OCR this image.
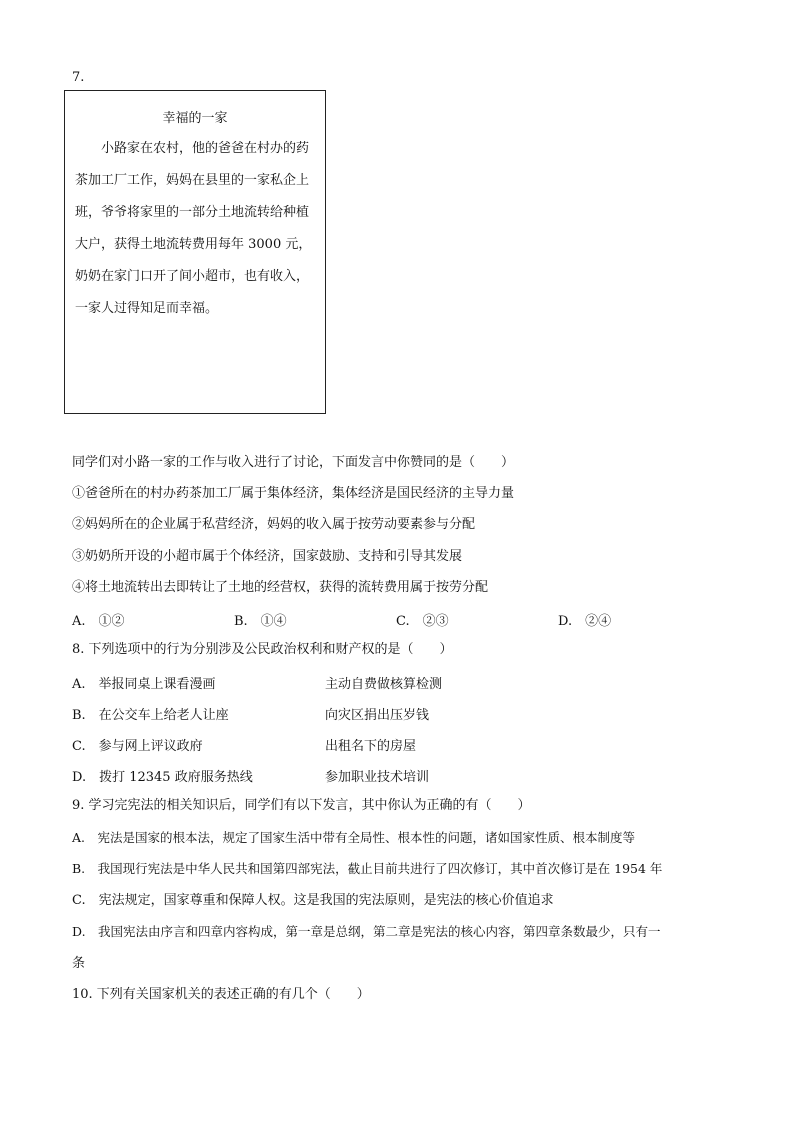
7.
幸福的一家
　　小路家在农村，他的爸爸在村办的药
茶加工厂工作，妈妈在县里的一家私企上
班，爷爷将家里的一部分土地流转给种植
大户，获得土地流转费用每年 3000 元，
奶奶在家门口开了间小超市，也有收入，
一家人过得知足而幸福。
同学们对小路一家的工作与收入进行了讨论，下面发言中你赞同的是（　　）
①爸爸所在的村办药茶加工厂属于集体经济，集体经济是国民经济的主导力量
②妈妈所在的企业属于私营经济，妈妈的收入属于按劳动要素参与分配
③奶奶所开设的小超市属于个体经济，国家鼓励、支持和引导其发展
④将土地流转出去即转让了土地的经营权，获得的流转费用属于按劳分配
A.　①②	B.　①④	C.　②③	D.　②④
8. 下列选项中的行为分别涉及公民政治权利和财产权的是（　　）
A.　举报同桌上课看漫画	主动自费做核算检测
B.　在公交车上给老人让座	向灾区捐出压岁钱
C.　参与网上评议政府	出租名下的房屋
D.　拨打 12345 政府服务热线	参加职业技术培训
9. 学习完宪法的相关知识后，同学们有以下发言，其中你认为正确的有（　　）
A.　宪法是国家的根本法，规定了国家生活中带有全局性、根本性的问题，诸如国家性质、根本制度等
B.　我国现行宪法是中华人民共和国第四部宪法，截止目前共进行了四次修订，其中首次修订是在 1954 年
C.　宪法规定，国家尊重和保障人权。这是我国的宪法原则，是宪法的核心价值追求
D.　我国宪法由序言和四章内容构成，第一章是总纲，第二章是宪法的核心内容，第四章条数最少，只有一
条
10. 下列有关国家机关的表述正确的有几个（　　）
